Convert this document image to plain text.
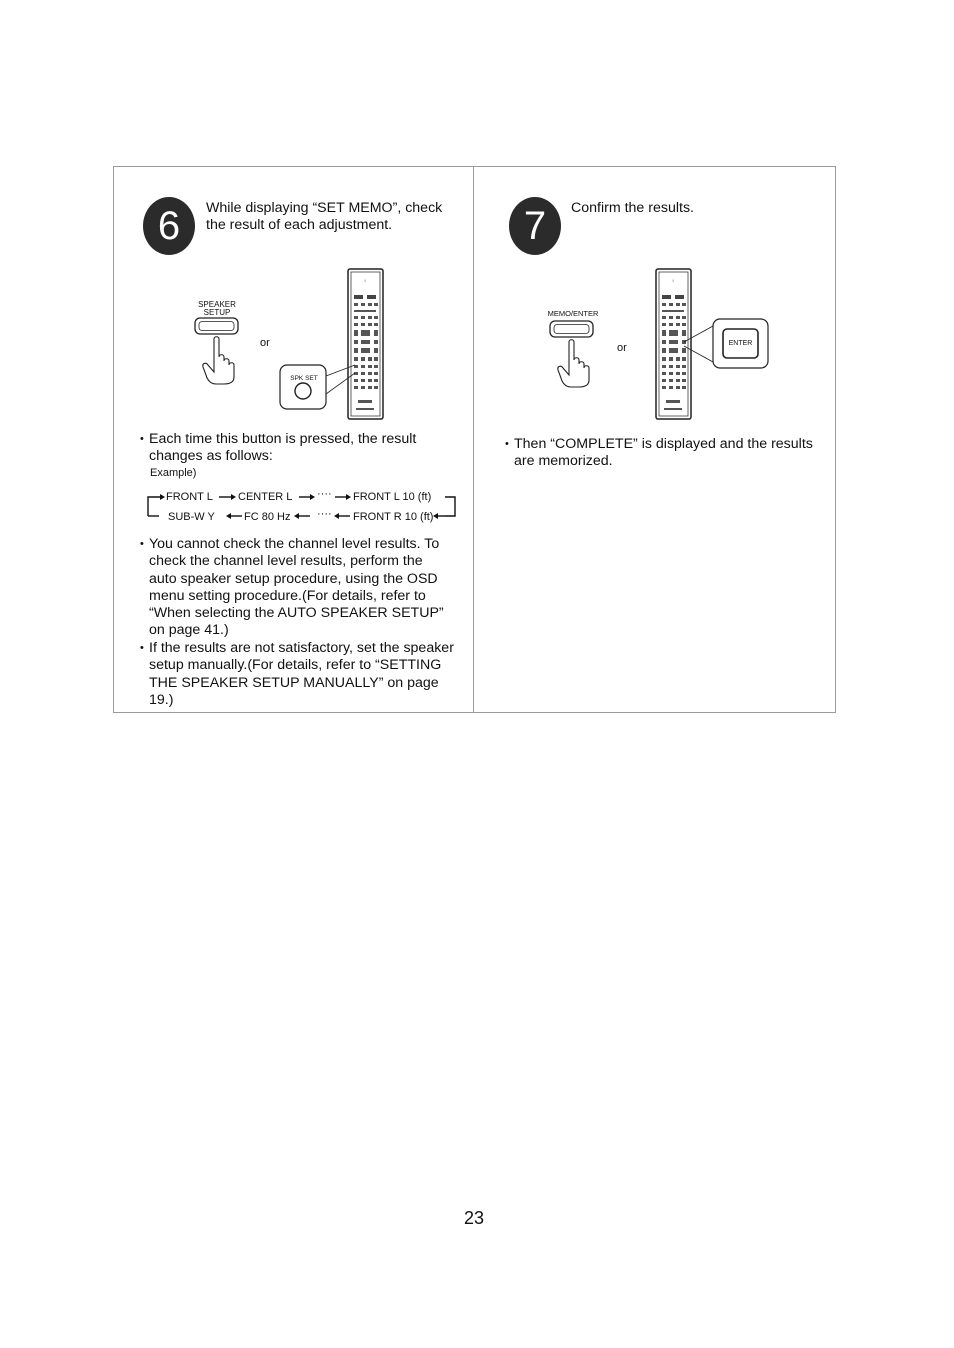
6	While displaying “SET MEMO”, check the result of each adjustment.
SPEAKER
SETUP
or
I
SPK SET
• Each time this button is pressed, the result changes as follows:
Example)
FRONT L CENTER L ···· FRONT L 10 (ft)
SUB-W Y	FC 80 Hz ···· FRONT R 10 (ft)
• You cannot check the channel level results. To check the channel level results, perform the auto speaker setup procedure, using the OSD menu setting procedure.(For details, refer to “When selecting the AUTO SPEAKER SETUP” on page 41.)
• If the results are not satisfactory, set the speaker setup manually.(For details, refer to “SETTING THE SPEAKER SETUP MANUALLY” on page 19.)
7	Confirm the results.
MEMO/ENTER
or
I
ENTER
• Then “COMPLETE” is displayed and the results are memorized.
23
